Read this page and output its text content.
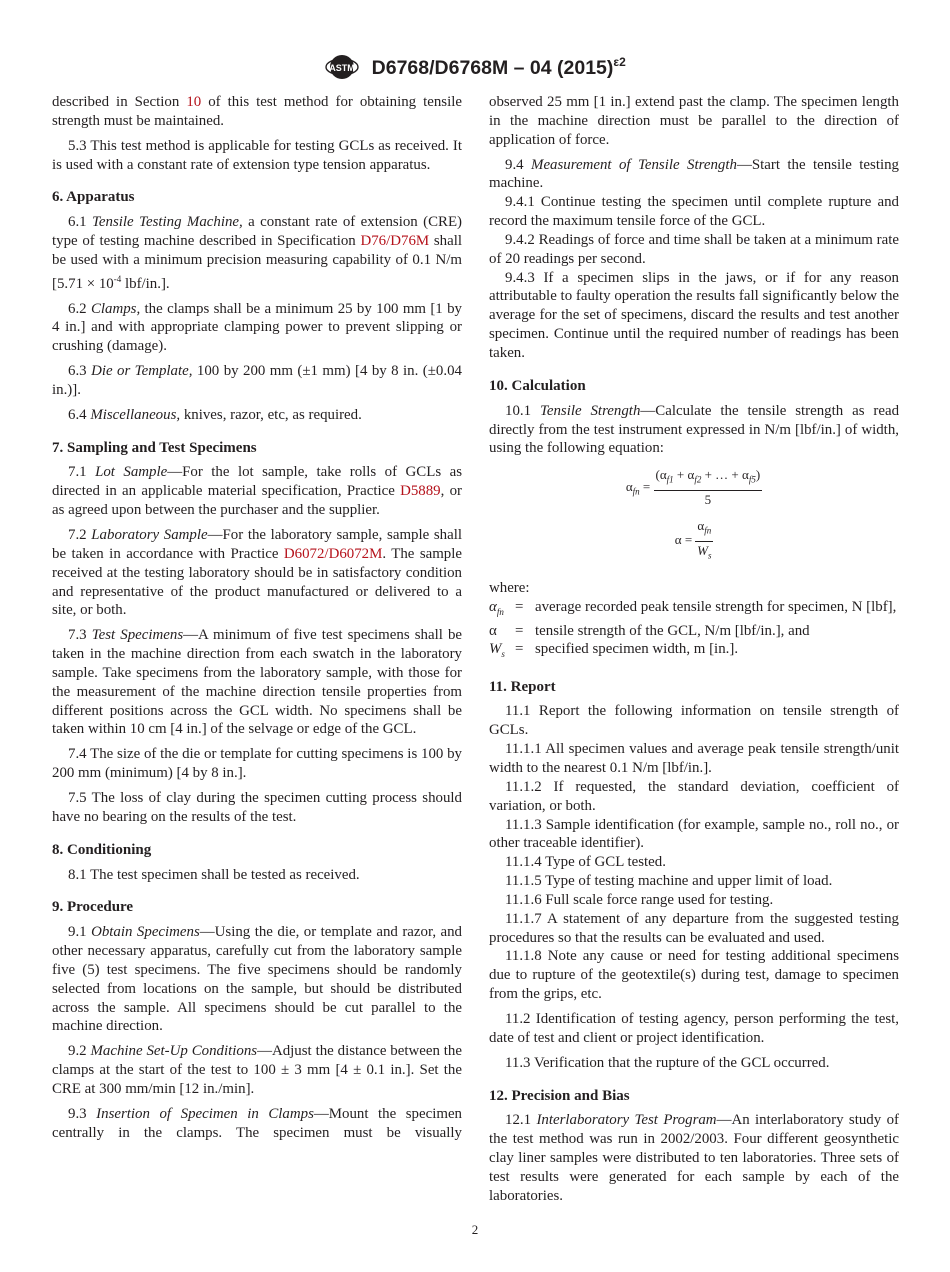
ASTM D6768/D6768M – 04 $(2015)^{\varepsilon 2}$

described in Section 10 of this test method for obtaining tensile strength must be maintained.

5.3 This test method is applicable for testing GCLs as received. It is used with a constant rate of extension type tension apparatus.

6. Apparatus

6.1 Tensile Testing Machine, a constant rate of extension (CRE) type of testing machine described in Specification D76/D76M shall be used with a minimum precision measuring capability of 0.1 N/m [$5.71 \times 10^{-4}$ lbf/in.].

6.2 Clamps, the clamps shall be a minimum 25 by 100 mm [1 by 4 in.] and with appropriate clamping power to prevent slipping or crushing (damage).

6.3 Die or Template, 100 by 200 mm (±1 mm) [4 by 8 in. (±0.04 in.)].

6.4 Miscellaneous, knives, razor, etc, as required.

7. Sampling and Test Specimens

7.1 Lot Sample—For the lot sample, take rolls of GCLs as directed in an applicable material specification, Practice D5889, or as agreed upon between the purchaser and the supplier.

7.2 Laboratory Sample—For the laboratory sample, sample shall be taken in accordance with Practice D6072/D6072M. The sample received at the testing laboratory should be in satisfactory condition and representative of the product manufactured or delivered to a site, or both.

7.3 Test Specimens—A minimum of five test specimens shall be taken in the machine direction from each swatch in the laboratory sample. Take specimens from the laboratory sample, with those for the measurement of the machine direction tensile properties from different positions across the GCL width. No specimens shall be taken within 10 cm [4 in.] of the selvage or edge of the GCL.

7.4 The size of the die or template for cutting specimens is 100 by 200 mm (minimum) [4 by 8 in.].

7.5 The loss of clay during the specimen cutting process should have no bearing on the results of the test.

8. Conditioning

8.1 The test specimen shall be tested as received.

9. Procedure

9.1 Obtain Specimens—Using the die, or template and razor, and other necessary apparatus, carefully cut from the laboratory sample five (5) test specimens. The five specimens should be randomly selected from locations on the sample, but should be distributed across the sample. All specimens should be cut parallel to the machine direction.

9.2 Machine Set-Up Conditions—Adjust the distance between the clamps at the start of the test to 100 ± 3 mm [4 ± 0.1 in.]. Set the CRE at 300 mm/min [12 in./min].

9.3 Insertion of Specimen in Clamps—Mount the specimen centrally in the clamps. The specimen must be visually

observed 25 mm [1 in.] extend past the clamp. The specimen length in the machine direction must be parallel to the direction of application of force.

9.4 Measurement of Tensile Strength—Start the tensile testing machine.

9.4.1 Continue testing the specimen until complete rupture and record the maximum tensile force of the GCL.

9.4.2 Readings of force and time shall be taken at a minimum rate of 20 readings per second.

9.4.3 If a specimen slips in the jaws, or if for any reason attributable to faulty operation the results fall significantly below the average for the set of specimens, discard the results and test another specimen. Continue until the required number of readings has been taken.

10. Calculation

10.1 Tensile Strength—Calculate the tensile strength as read directly from the test instrument expressed in N/m [lbf/in.] of width, using the following equation:

$\alpha_{fn} = \frac{(\alpha_{f1} + \alpha_{f2} + \dots + \alpha_{f5})}{5}$
$\alpha = \frac{\alpha_{fn}}{W_s}$

where:

$\alpha_{fn}$ = average recorded peak tensile strength for specimen, N [lbf],
α	= tensile strength of the GCL, N/m [lbf/in.], and
$W_s$ = specified specimen width, m [in.].
11. Report

11.1 Report the following information on tensile strength of GCLs.

11.1.1 All specimen values and average peak tensile strength/unit width to the nearest 0.1 N/m [lbf/in.].

11.1.2 If requested, the standard deviation, coefficient of variation, or both.

11.1.3 Sample identification (for example, sample no., roll no., or other traceable identifier).

11.1.4 Type of GCL tested.

11.1.5 Type of testing machine and upper limit of load.

11.1.6 Full scale force range used for testing.

11.1.7 A statement of any departure from the suggested testing procedures so that the results can be evaluated and used.

11.1.8 Note any cause or need for testing additional specimens due to rupture of the geotextile(s) during test, damage to specimen from the grips, etc.

11.2 Identification of testing agency, person performing the test, date of test and client or project identification.

11.3 Verification that the rupture of the GCL occurred.

12. Precision and Bias

12.1 Interlaboratory Test Program—An interlaboratory study of the test method was run in 2002/2003. Four different geosynthetic clay liner samples were distributed to ten laboratories. Three sets of test results were generated for each sample by each of the laboratories.

2
